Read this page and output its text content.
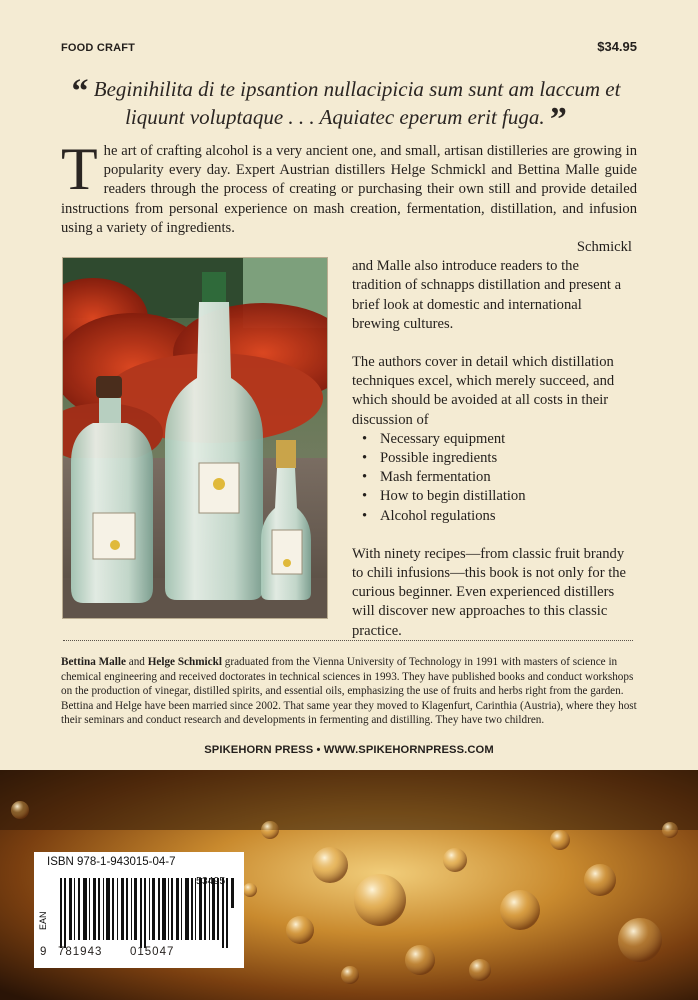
FOOD CRAFT	$34.95
“ Beginihilita di te ipsantion nullacipicia sum sunt am laccum et liquunt voluptaque . . . Aquiatec eperum erit fuga. ”
The art of crafting alcohol is a very ancient one, and small, artisan distilleries are growing in popularity every day. Expert Austrian distillers Helge Schmickl and Bettina Malle guide readers through the process of creating or purchasing their own still and provide detailed instructions from personal experience on mash creation, fermentation, distillation, and infusion using a variety of ingredients.

Schmickl

and Malle also introduce readers to the tradition of schnapps distillation and present a brief look at domestic and international brewing cultures.

The authors cover in detail which distillation techniques excel, which merely succeed, and which should be avoided at all costs in their discussion of

• Necessary equipment
• Possible ingredients
• Mash fermentation
• How to begin distillation
• Alcohol regulations

With ninety recipes—from classic fruit brandy to chili infusions—this book is not only for the curious beginner. Even experienced distillers will discover new approaches to this classic practice.

Bettina Malle and Helge Schmickl graduated from the Vienna University of Technology in 1991 with masters of science in chemical engineering and received doctorates in technical sciences in 1993. They have published books and conduct workshops on the production of vinegar, distilled spirits, and essential oils, emphasizing the use of fruits and herbs right from the garden. Bettina and Helge have been married since 2002. That same year they moved to Klagenfurt, Carinthia (Austria), where they host their seminars and conduct research and developments in fermenting and distilling. They have two children.
SPIKEHORN PRESS • WWW.SPIKEHORNPRESS.COM
ISBN 978-1-943015-04-7
53495
EAN
9 781943 015047
